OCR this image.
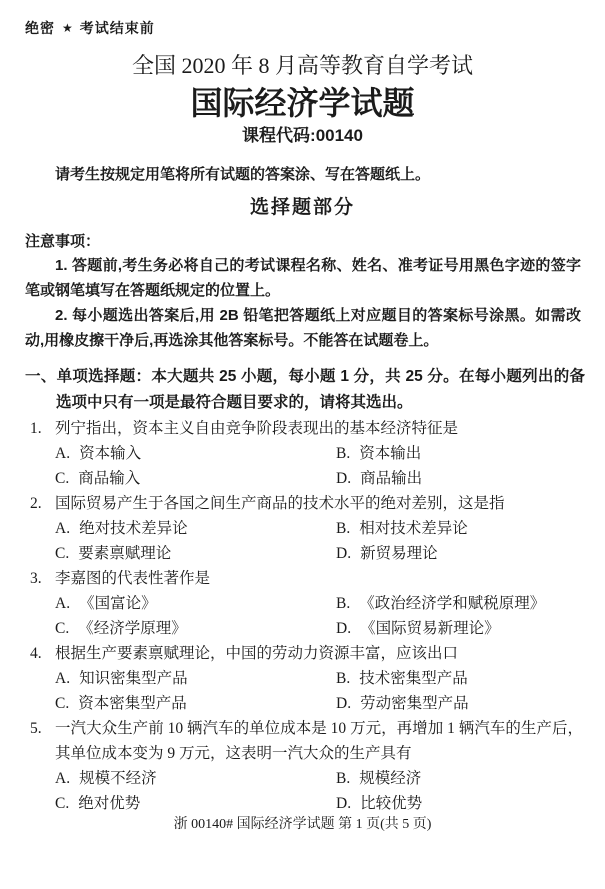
绝密 ★ 考试结束前
全国 2020 年 8 月高等教育自学考试
国际经济学试题
课程代码:00140
请考生按规定用笔将所有试题的答案涂、写在答题纸上。
选择题部分
注意事项：

1. 答题前,考生务必将自己的考试课程名称、姓名、准考证号用黑色字迹的签字笔或钢笔填写在答题纸规定的位置上。

2. 每小题选出答案后,用 2B 铅笔把答题纸上对应题目的答案标号涂黑。如需改动,用橡皮擦干净后,再选涂其他答案标号。不能答在试题卷上。

一、单项选择题：本大题共 25 小题，每小题 1 分，共 25 分。在每小题列出的备选项中只有一项是最符合题目要求的，请将其选出。
1. 列宁指出，资本主义自由竞争阶段表现出的基本经济特征是
A. 资本输入	B. 资本输出
C. 商品输入	D. 商品输出
2. 国际贸易产生于各国之间生产商品的技术水平的绝对差别，这是指
A. 绝对技术差异论	B. 相对技术差异论
C. 要素禀赋理论	D. 新贸易理论
3. 李嘉图的代表性著作是
A. 《国富论》	B. 《政治经济学和赋税原理》
C. 《经济学原理》	D. 《国际贸易新理论》
4. 根据生产要素禀赋理论，中国的劳动力资源丰富，应该出口
A. 知识密集型产品	B. 技术密集型产品
C. 资本密集型产品	D. 劳动密集型产品
5. 一汽大众生产前 10 辆汽车的单位成本是 10 万元，再增加 1 辆汽车的生产后，其单位成本变为 9 万元，这表明一汽大众的生产具有
A. 规模不经济	B. 规模经济
C. 绝对优势	D. 比较优势
浙 00140# 国际经济学试题 第 1 页(共 5 页)
